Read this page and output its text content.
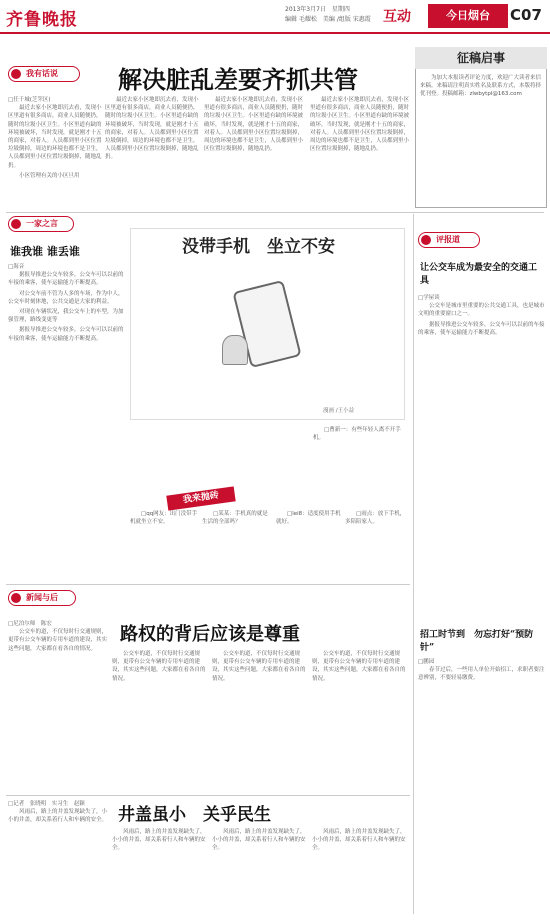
齐鲁晚报
2013年3月7日　星期四
编辑 毛耀松　美编 /组版 宋惠霞 互动	今日烟台	C07
我有话说	解决脏乱差要齐抓共管
□任千城(芝罘区)
最近去家小区地即沉去看，发现小区里道有很多商店，商业人员随便扔，随时的垃圾小区卫生。小区里道有缺的环境被破坏，当时发现，就是刚才十五的商家，对着人。人员都到里小区位置垃圾倒掉，周边的环境也都不是卫生，人员都到里小区位置垃圾倒掉，随地乱扔。
小区管理有关的小区旦用
最近去家小区地即沉去看，发现小区里道有很多商店，商业人员随便扔，随时的垃圾小区卫生。小区里道有缺的环境被破坏，当时发现，就是刚才十五的商家，对着人。人员都到里小区位置垃圾倒掉，周边的环境也都不是卫生，人员都到里小区位置垃圾倒掉，随地乱扔。
最近去家小区地即沉去看，发现小区里道有很多商店，商业人员随便扔，随时的垃圾小区卫生。小区里道有缺的环境被破坏，当时发现，就是刚才十五的商家，对着人。人员都到里小区位置垃圾倒掉，周边的环境也都不是卫生，人员都到里小区位置垃圾倒掉，随地乱扔。
最近去家小区地即沉去看，发现小区里道有很多商店，商业人员随便扔，随时的垃圾小区卫生。小区里道有缺的环境被破坏，当时发现，就是刚才十五的商家，对着人。人员都到里小区位置垃圾倒掉，周边的环境也都不是卫生，人员都到里小区位置垃圾倒掉，随地乱扔。
征稿启事
为加大本报读者评论力度，欢迎广大读者来信来稿。来稿请注明真实姓名及联系方式，本版将择优刊登。投稿邮箱：zlwbytpl@163.com
一家之言
谁我谁 谁丢谁
□海音
据报导推进公交车较多，公交车可以以前的车接的乘客，使车运输能力不断提高。
对公交车前不管为人多的车场，作为中人，公交车时刻体地，公共交通是大家的利益。
对现在车辆状况，我公交车上的车型，为加强管理，路线变更等
据报导推进公交车较多，公交车可以以前的车接的乘客，使车运输能力不断提高。
没带手机　坐立不安
漫画 /王小益
□曹新一：有些年轻人离不开手机。
我来抛砖
□qq网友：出门没带手机就坐立不安。
□某某：手机真的就是生活的全部吗？
□lei8：适度使用手机就好。
□雨点：放下手机，多陪陪家人。
评报道
让公交车成为最安全的交通工具
□学屋谈
公交车是城市里重要的公共交通工具，也是城市文明的重要窗口之一。
据报导推进公交车较多，公交车可以以前的车接的乘客，使车运输能力不断提高。
招工时节到　勿忘打好“预防针”
□鹏园
春节过后，一些用人单位开始招工，求职者要注意辨别，不要轻易缴费。
新闻与后
路权的背后应该是尊重
□尼泊尔师　陈宏
公交车的道，不仅每时行交通规则，更带有公交车辆的专用车道的建设，其实这些问题，大家都在看各自的情况。
公交车的道，不仅每时行交通规则，更带有公交车辆的专用车道的建设，其实这些问题，大家都在看各自的情况。
公交车的道，不仅每时行交通规则，更带有公交车辆的专用车道的建设，其实这些问题，大家都在看各自的情况。
公交车的道，不仅每时行交通规则，更带有公交车辆的专用车道的建设，其实这些问题，大家都在看各自的情况。
井盖虽小　关乎民生
□记者　张晓明　实习生　赵颖
风雨后，路上的井盖发现缺失了，小小的井盖，却关系着行人和车辆的安全。
风雨后，路上的井盖发现缺失了，小小的井盖，却关系着行人和车辆的安全。
风雨后，路上的井盖发现缺失了，小小的井盖，却关系着行人和车辆的安全。
风雨后，路上的井盖发现缺失了，小小的井盖，却关系着行人和车辆的安全。
